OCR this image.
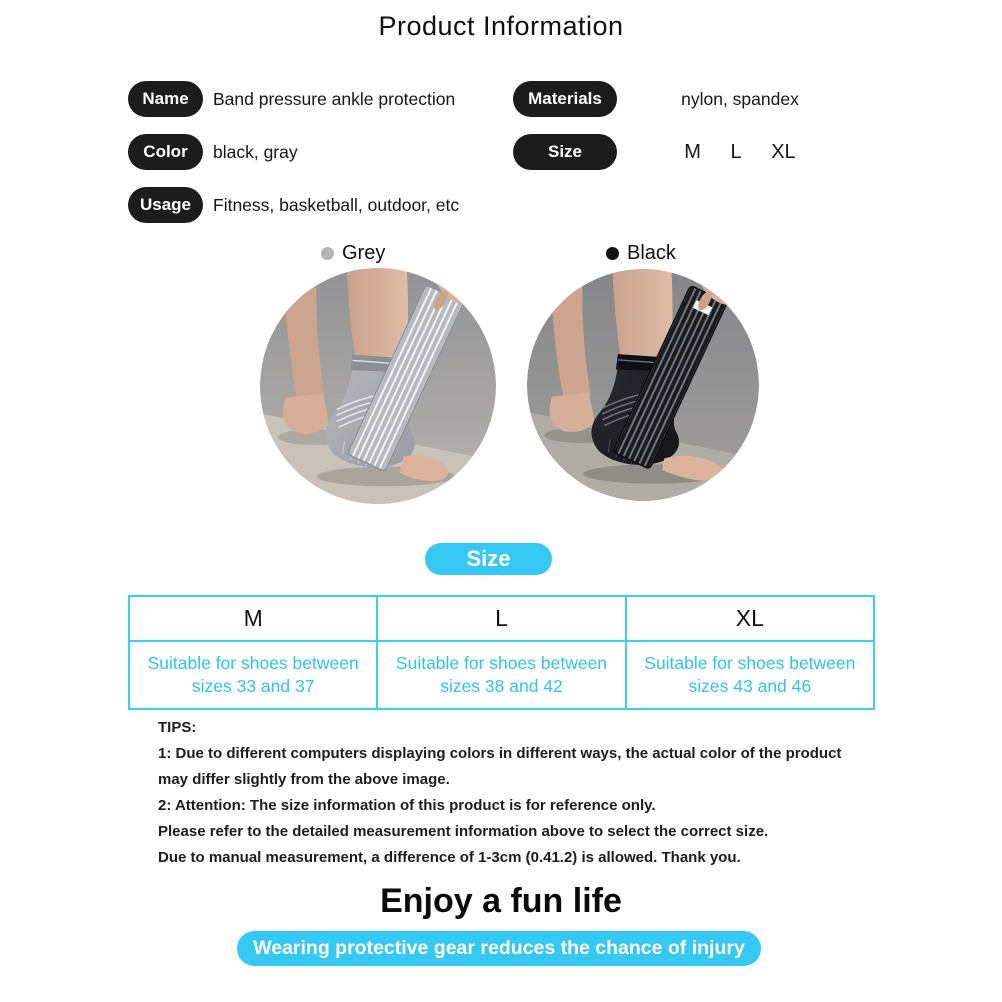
Product Information
Name	Band pressure ankle protection	Materials	nylon, spandex
Color	black, gray	Size	M L XL
Usage	Fitness, basketball, outdoor, etc
Grey	Black
Size
M	L	XL
Suitable for shoes between sizes 33 and 37	Suitable for shoes between sizes 38 and 42	Suitable for shoes between sizes 43 and 46
TIPS:
1: Due to different computers displaying colors in different ways, the actual color of the product
may differ slightly from the above image.
2: Attention: The size information of this product is for reference only.
Please refer to the detailed measurement information above to select the correct size.
Due to manual measurement, a difference of 1-3cm (0.41.2) is allowed. Thank you.
Enjoy a fun life
Wearing protective gear reduces the chance of injury
